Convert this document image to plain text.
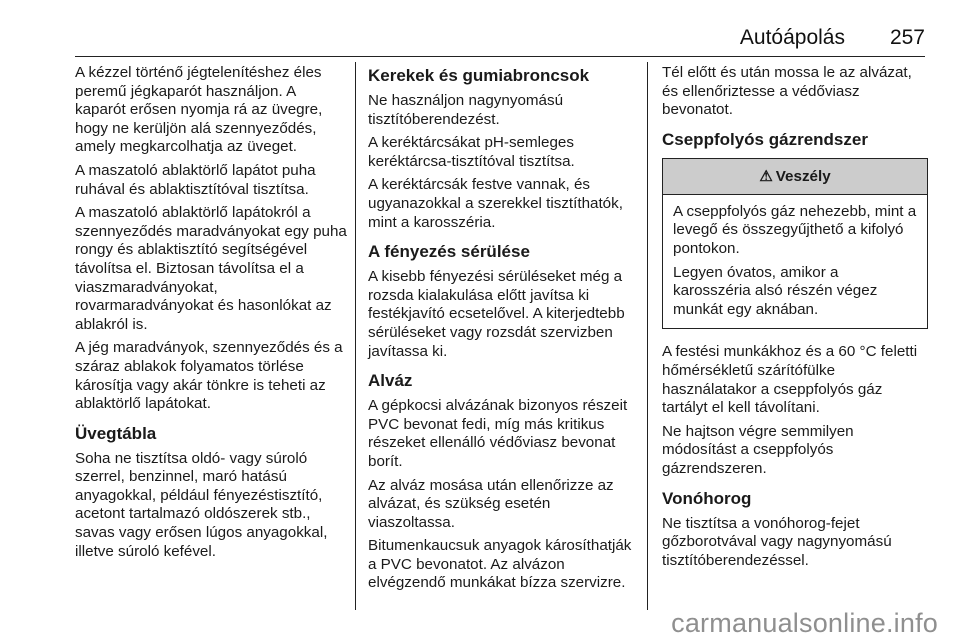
Autóápolás 257

A kézzel történő jégtelenítéshez éles peremű jégkaparót használjon. A kaparót erősen nyomja rá az üvegre, hogy ne kerüljön alá szennyeződés, amely megkarcolhatja az üveget.

A maszatoló ablaktörlő lapátot puha ruhával és ablaktisztítóval tisztítsa.

A maszatoló ablaktörlő lapátokról a szennyeződés maradványokat egy puha rongy és ablaktisztító segítségével távolítsa el. Biztosan távolítsa el a viaszmaradványokat, rovarmaradványokat és hasonlókat az ablakról is.

A jég maradványok, szennyeződés és a száraz ablakok folyamatos törlése károsítja vagy akár tönkre is teheti az ablaktörlő lapátokat.

Üvegtábla

Soha ne tisztítsa oldó- vagy súroló szerrel, benzinnel, maró hatású anyagokkal, például fényezéstisztító, acetont tartalmazó oldószerek stb., savas vagy erősen lúgos anyagokkal, illetve súroló kefével.

Kerekek és gumiabroncsok

Ne használjon nagynyomású tisztítóberendezést.

A keréktárcsákat pH-semleges keréktárcsa-tisztítóval tisztítsa.

A keréktárcsák festve vannak, és ugyanazokkal a szerekkel tisztíthatók, mint a karosszéria.

A fényezés sérülése

A kisebb fényezési sérüléseket még a rozsda kialakulása előtt javítsa ki festékjavító ecsetelővel. A kiterjedtebb sérüléseket vagy rozsdát szervizben javítassa ki.

Alváz

A gépkocsi alvázának bizonyos részeit PVC bevonat fedi, míg más kritikus részeket ellenálló védőviasz bevonat borít.

Az alváz mosása után ellenőrizze az alvázat, és szükség esetén viaszoltassa.

Bitumenkaucsuk anyagok károsíthatják a PVC bevonatot. Az alvázon elvégzendő munkákat bízza szervizre.

Tél előtt és után mossa le az alvázat, és ellenőriztesse a védőviasz bevonatot.

Cseppfolyós gázrendszer
⚠ Veszély

A cseppfolyós gáz nehezebb, mint a levegő és összegyűjthető a kifolyó pontokon.

Legyen óvatos, amikor a karosszéria alsó részén végez munkát egy aknában.

A festési munkákhoz és a 60 °C feletti hőmérsékletű szárítófülke használatakor a cseppfolyós gáz tartályt el kell távolítani.

Ne hajtson végre semmilyen módosítást a cseppfolyós gázrendszeren.

Vonóhorog

Ne tisztítsa a vonóhorog-fejet gőzborotvával vagy nagynyomású tisztítóberendezéssel.

carmanualsonline.info
